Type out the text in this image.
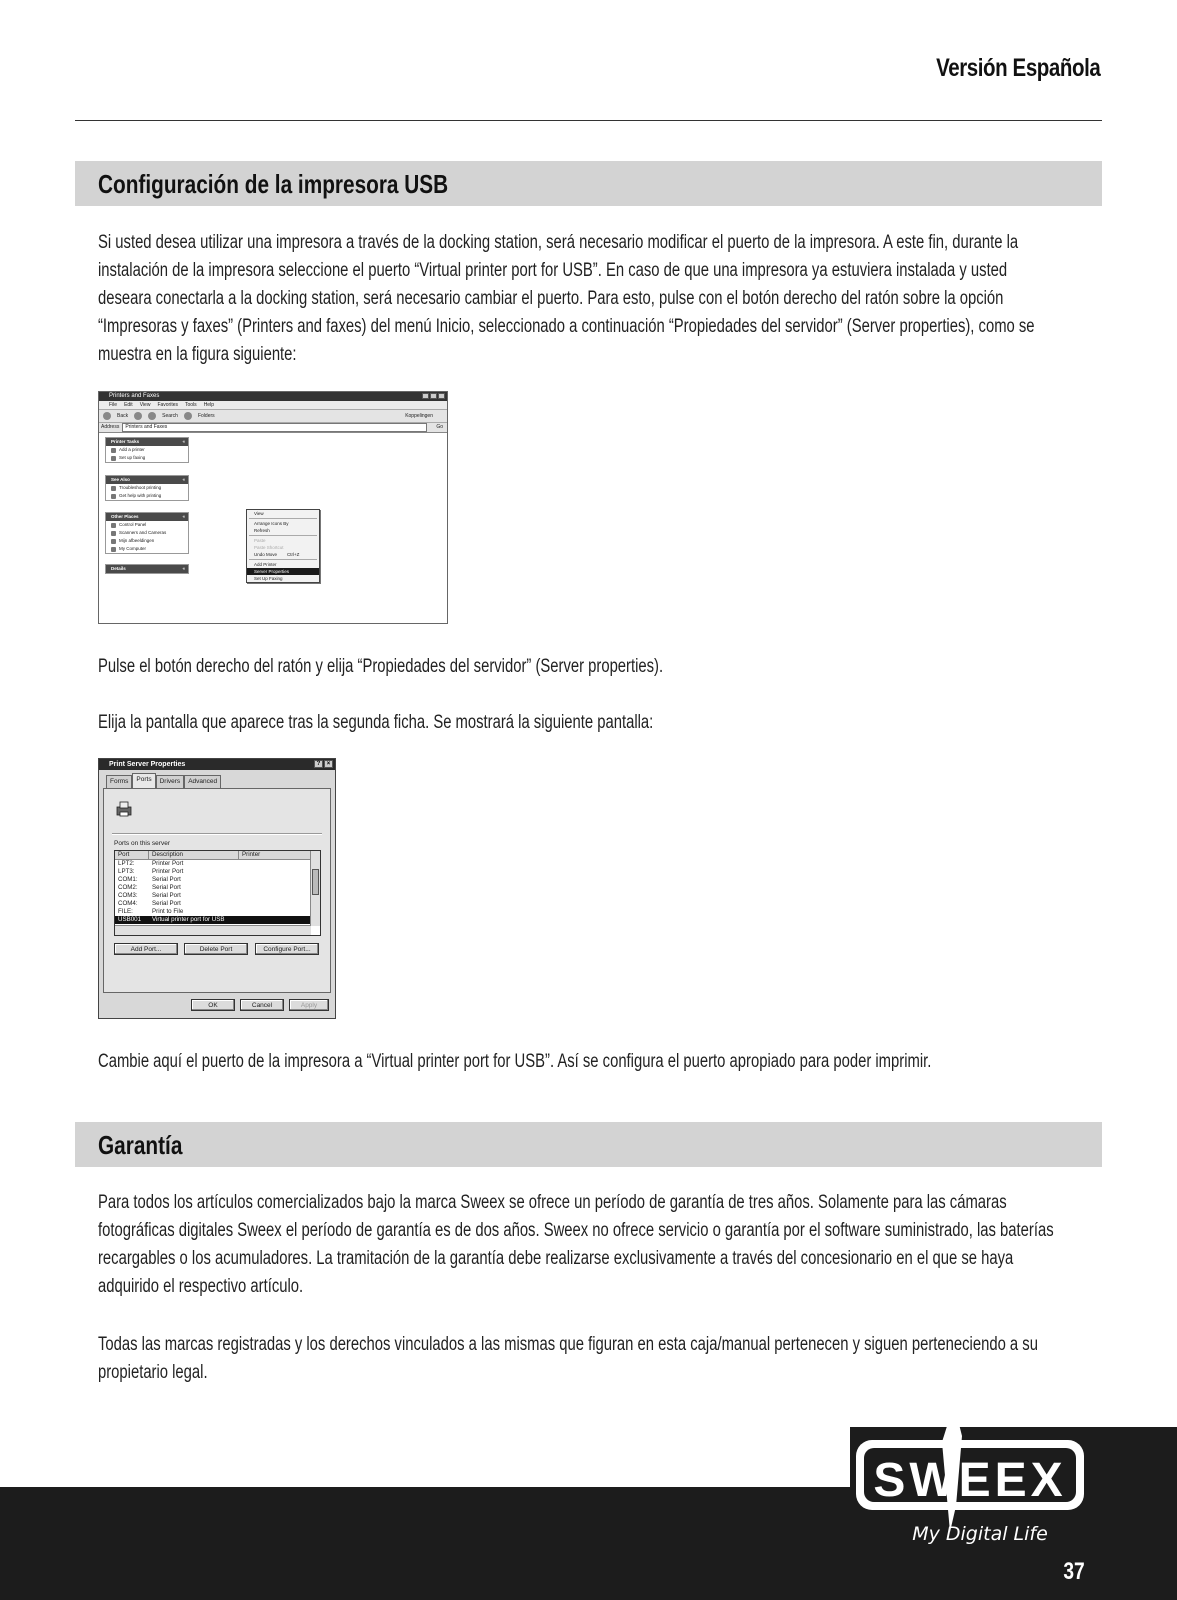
Versión Española
Configuración de la impresora USB
Si usted desea utilizar una impresora a través de la docking station, será necesario modificar el puerto de la impresora. A este fin, durante la
instalación de la impresora seleccione el puerto “Virtual printer port for USB”. En caso de que una impresora ya estuviera instalada y usted
deseara conectarla a la docking station, será necesario cambiar el puerto. Para esto, pulse con el botón derecho del ratón sobre la opción
“Impresoras y faxes” (Printers and faxes) del menú Inicio, seleccionado a continuación “Propiedades del servidor” (Server properties), como se
muestra en la figura siguiente:
Printers and Faxes
File Edit View Favorites Tools Help
Back	Search	Folders	Koppelingen
Address	Printers and Faxes	Go
Printer Tasks «
Add a printer
Set up faxing
See Also «
Troubleshoot printing
Get help with printing
Other Places «
Control Panel
Scanners and Cameras
Mijn afbeeldingen
My Computer
Details «
View
Arrange Icons By
Refresh
Paste
Paste Shortcut
Undo Move Ctrl+Z
Add Printer
Server Properties
Set Up Faxing
Pulse el botón derecho del ratón y elija “Propiedades del servidor” (Server properties).
Elija la pantalla que aparece tras la segunda ficha. Se mostrará la siguiente pantalla:
Print Server Properties	?	×
Forms	Ports	Drivers	Advanced
Ports on this server
Port	Description	Printer
LPT2:	Printer Port
LPT3:	Printer Port
COM1:	Serial Port
COM2:	Serial Port
COM3:	Serial Port
COM4:	Serial Port
FILE:	Print to File
USB001	Virtual printer port for USB
Add Port...	Delete Port	Configure Port...
OK	Cancel	Apply
Cambie aquí el puerto de la impresora a “Virtual printer port for USB”. Así se configura el puerto apropiado para poder imprimir.
Garantía
Para todos los artículos comercializados bajo la marca Sweex se ofrece un período de garantía de tres años. Solamente para las cámaras
fotográficas digitales Sweex el período de garantía es de dos años. Sweex no ofrece servicio o garantía por el software suministrado, las baterías
recargables o los acumuladores. La tramitación de la garantía debe realizarse exclusivamente a través del concesionario en el que se haya
adquirido el respectivo artículo.
Todas las marcas registradas y los derechos vinculados a las mismas que figuran en esta caja/manual pertenecen y siguen perteneciendo a su
propietario legal.
SWEEX
My Digital Life
37
